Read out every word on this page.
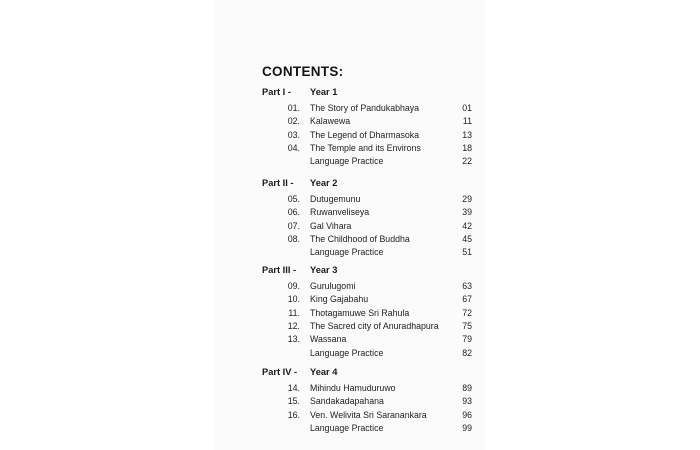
CONTENTS:
Part I - Year 1
01. The Story of Pandukabhaya	01
02. Kalawewa	11
03. The Legend of Dharmasoka	13
04. The Temple and its Environs	18
Language Practice	22
Part II - Year 2
05. Dutugemunu	29
06. Ruwanveliseya	39
07. Gal Vihara	42
08. The Childhood of Buddha	45
Language Practice	51
Part III - Year 3
09. Gurulugomi	63
10. King Gajabahu	67
11. Thotagamuwe Sri Rahula	72
12. The Sacred city of Anuradhapura	75
13. Wassana	79
Language Practice	82
Part IV - Year 4
14. Mihindu Hamuduruwo	89
15. Sandakadapahana	93
16. Ven. Welivita Sri Saranankara	96
Language Practice	99
